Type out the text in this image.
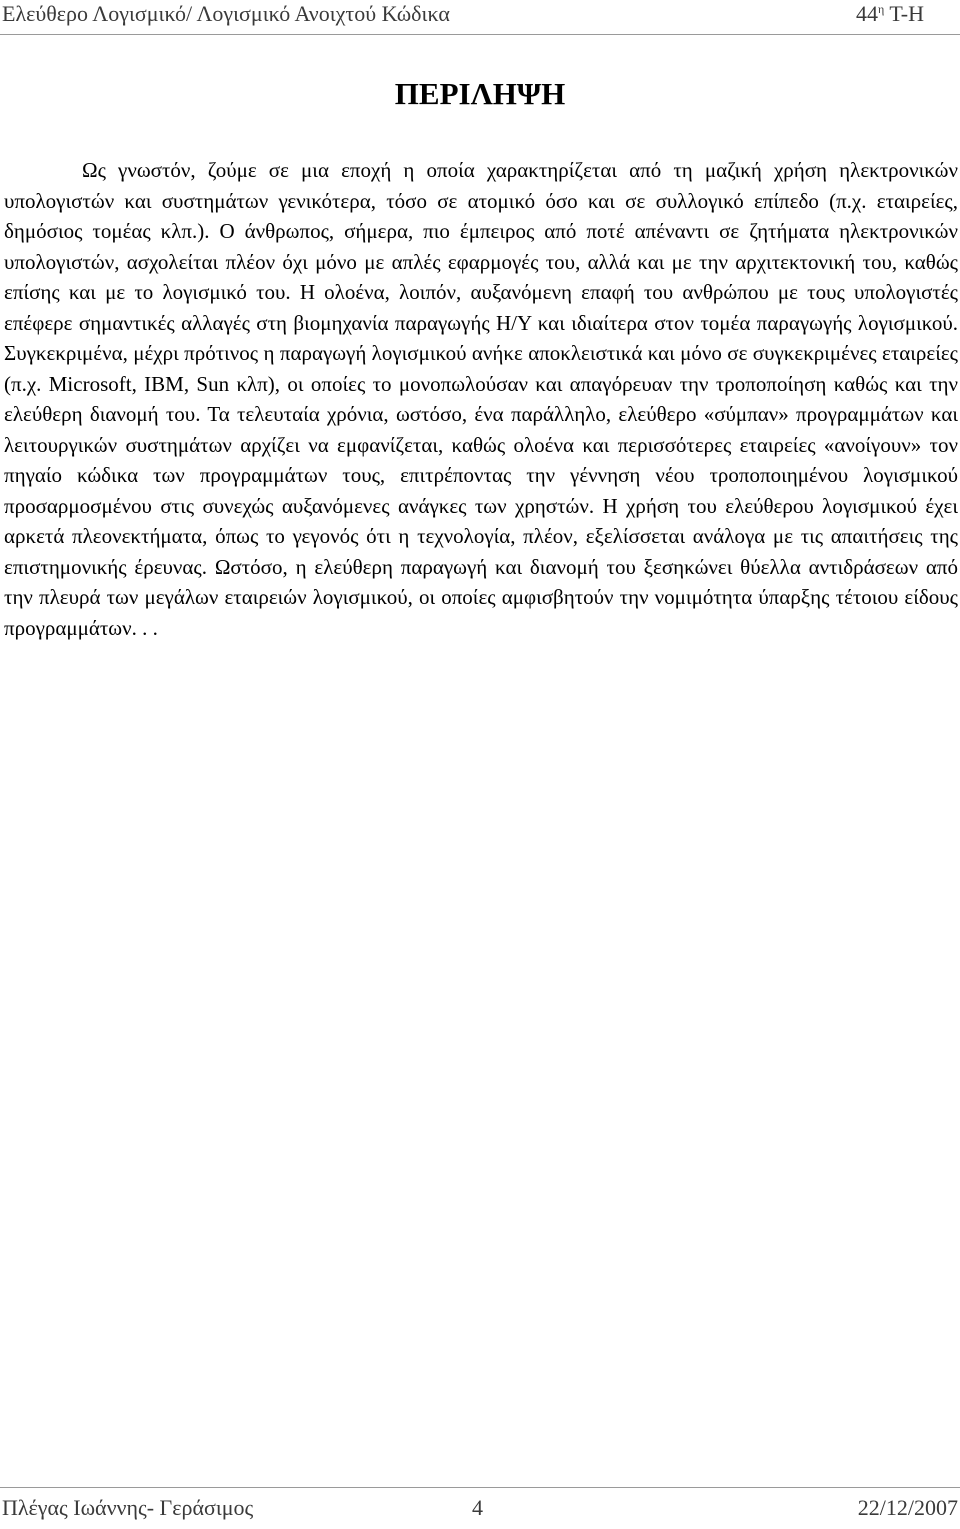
Ελεύθερο Λογισμικό/ Λογισμικό Ανοιχτού Κώδικα	$44^\eta$ Τ-Η
ΠΕΡΙΛΗΨΗ

Ως γνωστόν, ζούμε σε μια εποχή η οποία χαρακτηρίζεται από τη μαζική χρήση ηλεκτρονικών υπολογιστών και συστημάτων γενικότερα, τόσο σε ατομικό όσο και σε συλλογικό επίπεδο (π.χ. εταιρείες, δημόσιος τομέας κλπ.). Ο άνθρωπος, σήμερα, πιο έμπειρος από ποτέ απέναντι σε ζητήματα ηλεκτρονικών υπολογιστών, ασχολείται πλέον όχι μόνο με απλές εφαρμογές του, αλλά και με την αρχιτεκτονική του, καθώς επίσης και με το λογισμικό του. Η ολοένα, λοιπόν, αυξανόμενη επαφή του ανθρώπου με τους υπολογιστές επέφερε σημαντικές αλλαγές στη βιομηχανία παραγωγής Η/Υ και ιδιαίτερα στον τομέα παραγωγής λογισμικού. Συγκεκριμένα, μέχρι πρότινος η παραγωγή λογισμικού ανήκε αποκλειστικά και μόνο σε συγκεκριμένες εταιρείες (π.χ. Microsoft, IBM, Sun κλπ), οι οποίες το μονοπωλούσαν και απαγόρευαν την τροποποίηση καθώς και την ελεύθερη διανομή του. Τα τελευταία χρόνια, ωστόσο, ένα παράλληλο, ελεύθερο «σύμπαν» προγραμμάτων και λειτουργικών συστημάτων αρχίζει να εμφανίζεται, καθώς ολοένα και περισσότερες εταιρείες «ανοίγουν» τον πηγαίο κώδικα των προγραμμάτων τους, επιτρέποντας την γέννηση νέου τροποποιημένου λογισμικού προσαρμοσμένου στις συνεχώς αυξανόμενες ανάγκες των χρηστών. Η χρήση του ελεύθερου λογισμικού έχει αρκετά πλεονεκτήματα, όπως το γεγονός ότι η τεχνολογία, πλέον, εξελίσσεται ανάλογα με τις απαιτήσεις της επιστημονικής έρευνας. Ωστόσο, η ελεύθερη παραγωγή και διανομή του ξεσηκώνει θύελλα αντιδράσεων από την πλευρά των μεγάλων εταιρειών λογισμικού, οι οποίες αμφισβητούν την νομιμότητα ύπαρξης τέτοιου είδους προγραμμάτων. . .

Πλέγας Ιωάννης- Γεράσιμος	4	22/12/2007
